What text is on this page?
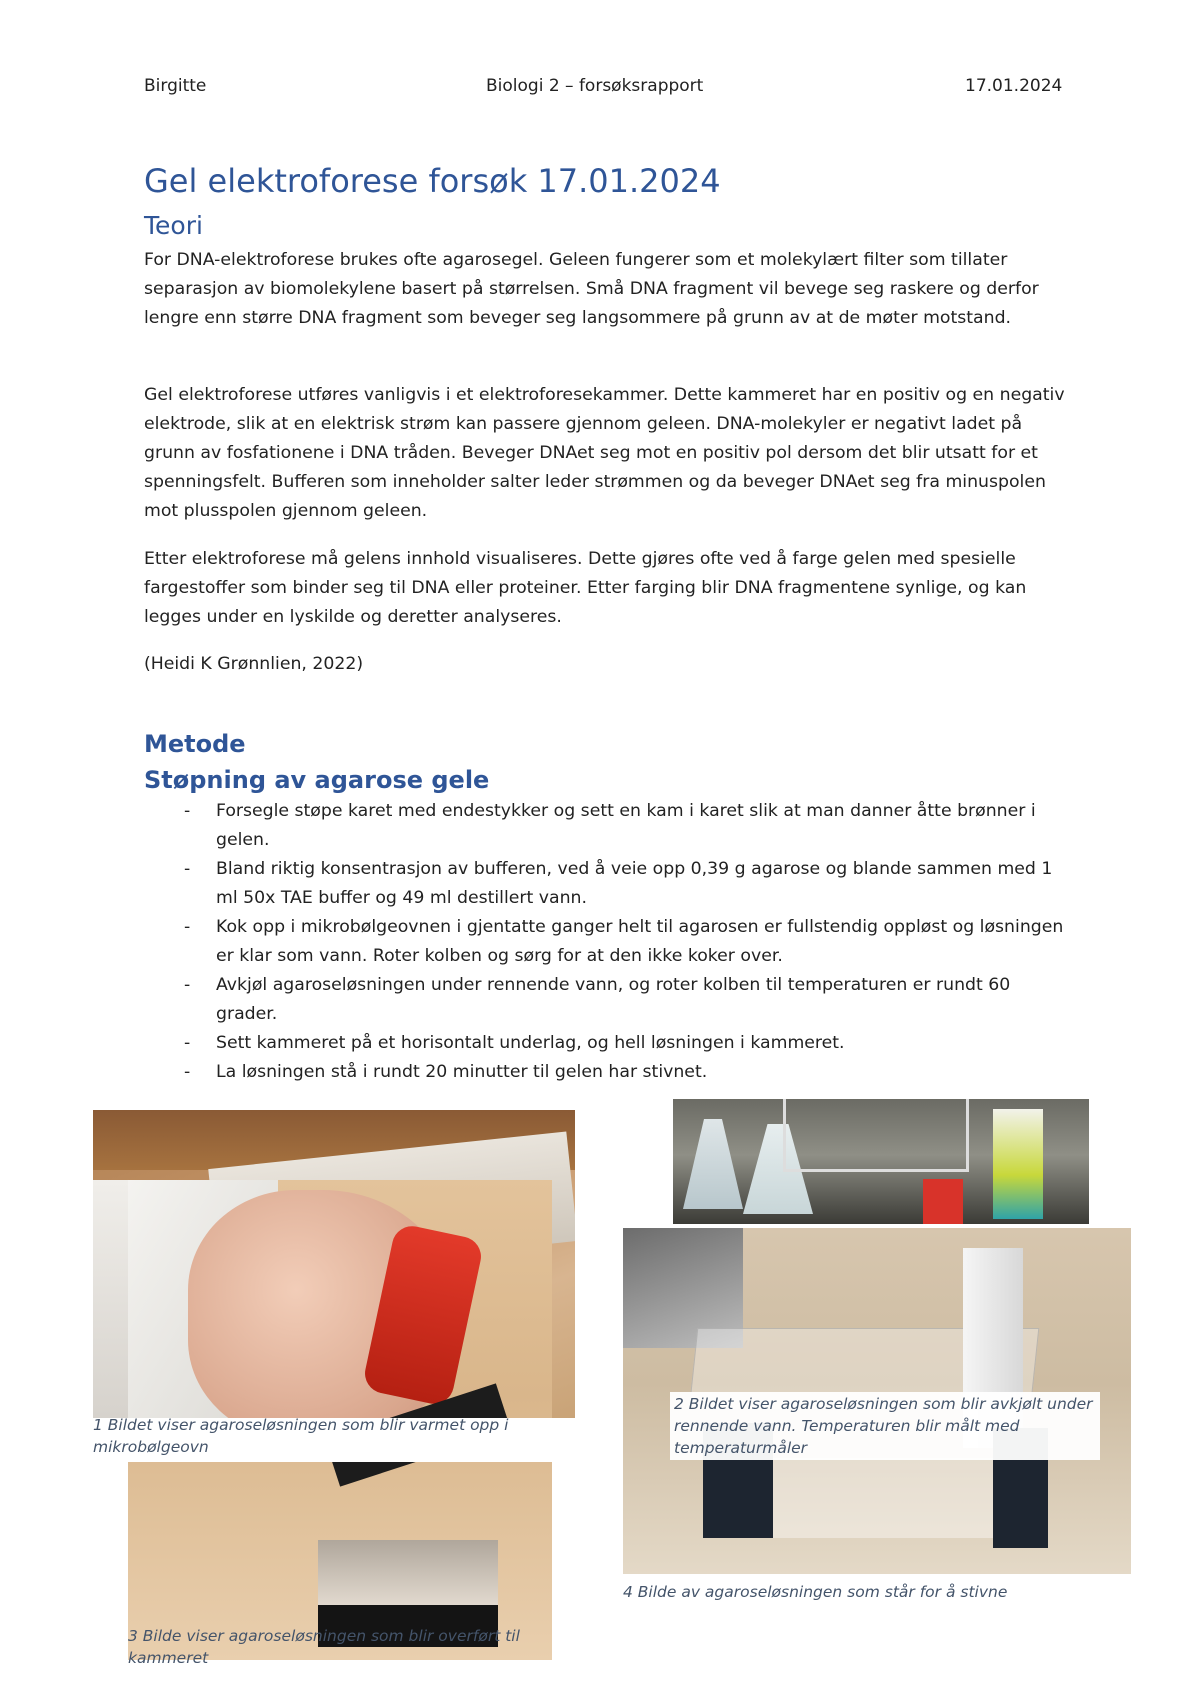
Birgitte	Biologi 2 – forsøksrapport	17.01.2024
Gel elektroforese forsøk 17.01.2024
Teori

For DNA-elektroforese brukes ofte agarosegel. Geleen fungerer som et molekylært filter som tillater separasjon av biomolekylene basert på størrelsen. Små DNA fragment vil bevege seg raskere og derfor lengre enn større DNA fragment som beveger seg langsommere på grunn av at de møter motstand.

Gel elektroforese utføres vanligvis i et elektroforesekammer. Dette kammeret har en positiv og en negativ elektrode, slik at en elektrisk strøm kan passere gjennom geleen. DNA-molekyler er negativt ladet på grunn av fosfationene i DNA tråden. Beveger DNAet seg mot en positiv pol dersom det blir utsatt for et spenningsfelt. Bufferen som inneholder salter leder strømmen og da beveger DNAet seg fra minuspolen mot plusspolen gjennom geleen.

Etter elektroforese må gelens innhold visualiseres. Dette gjøres ofte ved å farge gelen med spesielle fargestoffer som binder seg til DNA eller proteiner. Etter farging blir DNA fragmentene synlige, og kan legges under en lyskilde og deretter analyseres.

(Heidi K Grønnlien, 2022)

Metode
Støpning av agarose gele
- Forsegle støpe karet med endestykker og sett en kam i karet slik at man danner åtte brønner i gelen.
- Bland riktig konsentrasjon av bufferen, ved å veie opp 0,39 g agarose og blande sammen med 1 ml 50x TAE buffer og 49 ml destillert vann.
- Kok opp i mikrobølgeovnen i gjentatte ganger helt til agarosen er fullstendig oppløst og løsningen er klar som vann. Roter kolben og sørg for at den ikke koker over.
- Avkjøl agaroseløsningen under rennende vann, og roter kolben til temperaturen er rundt 60 grader.
- Sett kammeret på et horisontalt underlag, og hell løsningen i kammeret.
- La løsningen stå i rundt 20 minutter til gelen har stivnet.

1 Bildet viser agaroseløsningen som blir varmet opp i mikrobølgeovn

3 Bilde viser agaroseløsningen som blir overført til kammeret

2 Bildet viser agaroseløsningen som blir avkjølt under rennende vann. Temperaturen blir målt med temperaturmåler

4 Bilde av agaroseløsningen som står for å stivne
